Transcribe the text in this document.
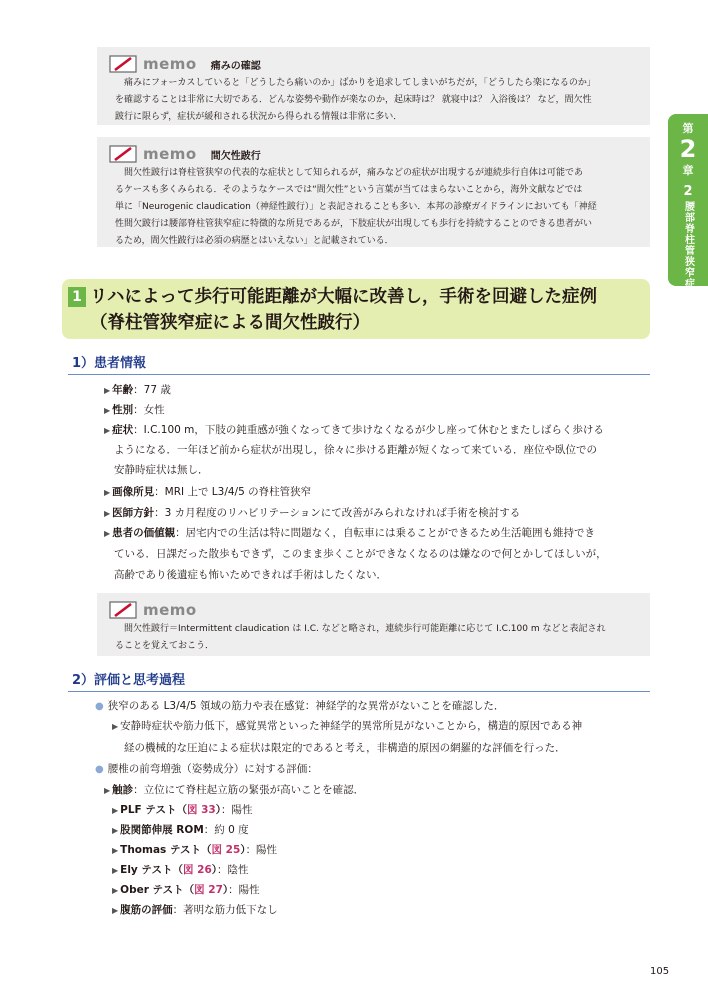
memo 痛みの確認

痛みにフォーカスしていると「どうしたら痛いのか」ばかりを追求してしまいがちだが，「どうしたら楽になるのか」

を確認することは非常に大切である．どんな姿勢や動作が楽なのか，起床時は？ 就寝中は？ 入浴後は？ など，間欠性

跛行に限らず，症状が緩和される状況から得られる情報は非常に多い．

memo 間欠性跛行

間欠性跛行は脊柱管狭窄の代表的な症状として知られるが，痛みなどの症状が出現するが連続歩行自体は可能であ

るケースも多くみられる．そのようなケースでは“間欠性”という言葉が当てはまらないことから，海外文献などでは

単に「Neurogenic claudication（神経性跛行）」と表記されることも多い．本邦の診療ガイドラインにおいても「神経

性間欠跛行は腰部脊柱管狭窄症に特徴的な所見であるが，下肢症状が出現しても歩行を持続することのできる患者がい

るため，間欠性跛行は必須の病歴とはいえない」と記載されている．

第
2
章
2
腰部脊柱管狭窄症
1 リハによって歩行可能距離が大幅に改善し，手術を回避した症例
（脊柱管狭窄症による間欠性跛行）
1）患者情報
▶ 年齢：77 歳
▶ 性別：女性
▶ 症状：I.C.100 m，下肢の鈍重感が強くなってきて歩けなくなるが少し座って休むとまたしばらく歩ける
ようになる．一年ほど前から症状が出現し，徐々に歩ける距離が短くなって来ている．座位や臥位での
安静時症状は無し．
▶ 画像所見：MRI 上で L3/4/5 の脊柱管狭窄
▶ 医師方針：3 カ月程度のリハビリテーションにて改善がみられなければ手術を検討する
▶ 患者の価値観：居宅内での生活は特に問題なく，自転車には乗ることができるため生活範囲も維持でき
ている．日課だった散歩もできず，このまま歩くことができなくなるのは嫌なので何とかしてほしいが，
高齢であり後遺症も怖いためできれば手術はしたくない．
memo

間欠性跛行＝Intermittent claudication は I.C. などと略され，連続歩行可能距離に応じて I.C.100 m などと表記され

ることを覚えておこう．

2）評価と思考過程
● 狭窄のある L3/4/5 領域の筋力や表在感覚：神経学的な異常がないことを確認した．
▶ 安静時症状や筋力低下，感覚異常といった神経学的異常所見がないことから，構造的原因である神
経の機械的な圧迫による症状は限定的であると考え，非構造的原因の網羅的な評価を行った．
● 腰椎の前弯増強（姿勢成分）に対する評価：
▶ 触診：立位にて脊柱起立筋の緊張が高いことを確認．
▶ PLF テスト（図 33）：陽性
▶ 股関節伸展 ROM：約 0 度
▶ Thomas テスト（図 25）：陽性
▶ Ely テスト（図 26）：陰性
▶ Ober テスト（図 27）：陽性
▶ 腹筋の評価：著明な筋力低下なし
105
